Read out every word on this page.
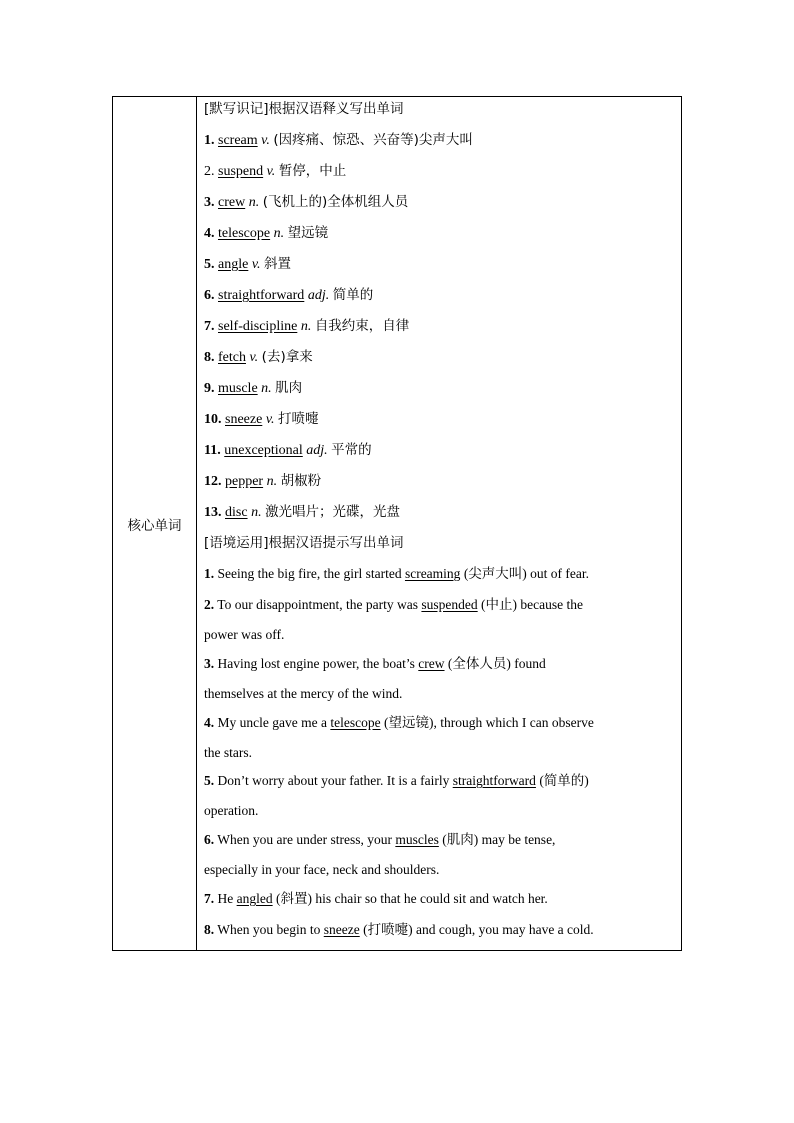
核心单词
[默写识记]根据汉语释义写出单词
1. scream v. (因疼痛、惊恐、兴奋等)尖声大叫
2. suspend v. 暂停，中止
3. crew n. (飞机上的)全体机组人员
4. telescope n. 望远镜
5. angle v. 斜置
6. straightforward adj. 简单的
7. self-discipline n. 自我约束，自律
8. fetch v. (去)拿来
9. muscle n. 肌肉
10. sneeze v. 打喷嚏
11. unexceptional adj. 平常的
12. pepper n. 胡椒粉
13. disc n. 激光唱片；光碟，光盘
[语境运用]根据汉语提示写出单词
1. Seeing the big fire, the girl started screaming (尖声大叫) out of fear.
2. To our disappointment, the party was suspended (中止) because the
power was off.
3. Having lost engine power, the boat’s crew (全体人员) found
themselves at the mercy of the wind.
4. My uncle gave me a telescope (望远镜), through which I can observe
the stars.
5. Don’t worry about your father. It is a fairly straightforward (简单的)
operation.
6. When you are under stress, your muscles (肌肉) may be tense,
especially in your face, neck and shoulders.
7. He angled (斜置) his chair so that he could sit and watch her.
8. When you begin to sneeze (打喷嚏) and cough, you may have a cold.
